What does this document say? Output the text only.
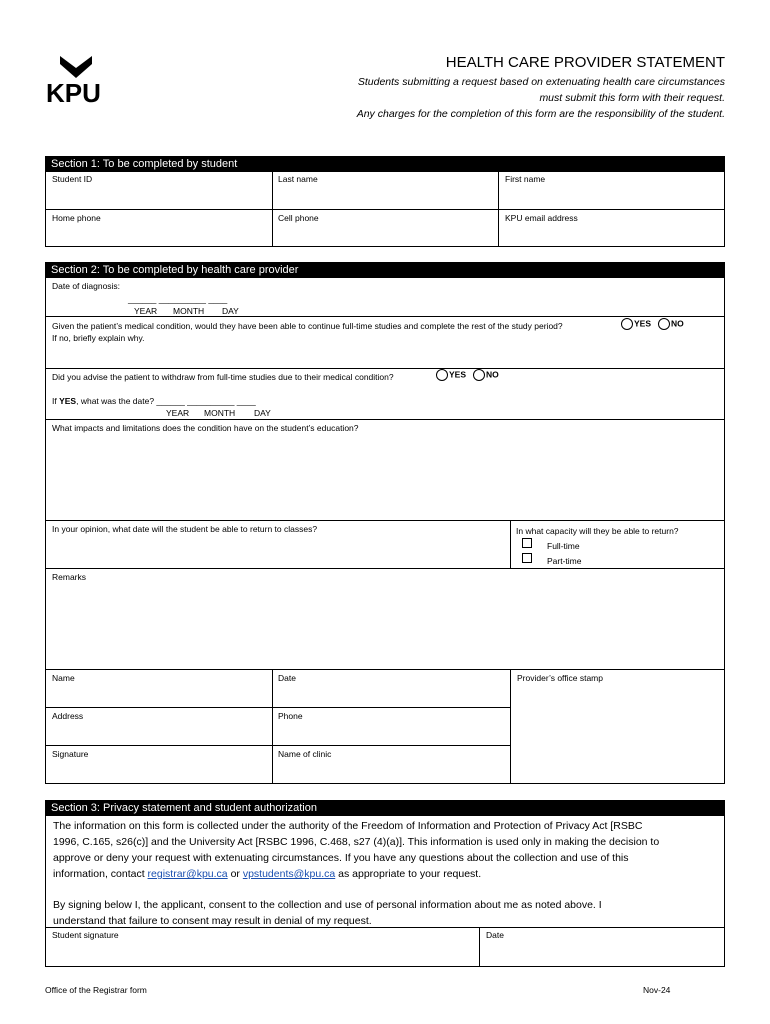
KPU
HEALTH CARE PROVIDER STATEMENT
Students submitting a request based on extenuating health care circumstances
must submit this form with their request.
Any charges for the completion of this form are the responsibility of the student.
Section 1: To be completed by student
Student ID	Last name	First name
Home phone	Cell phone	KPU email address
Section 2: To be completed by health care provider
Date of diagnosis:
______ __________ ____
YEAR MONTH DAY
Given the patient’s medical condition, would they have been able to continue full-time studies and complete the rest of the study period?	YES	NO
If no, briefly explain why.
Did you advise the patient to withdraw from full-time studies due to their medical condition?	YES	NO
If YES, what was the date? ______ __________ ____
YEAR MONTH DAY
What impacts and limitations does the condition have on the student’s education?
In your opinion, what date will the student be able to return to classes?	In what capacity will they be able to return?
Full-time
Part-time
Remarks
Name	Date	Provider’s office stamp
Address	Phone
Signature	Name of clinic
Section 3: Privacy statement and student authorization
The information on this form is collected under the authority of the Freedom of Information and Protection of Privacy Act [RSBC
1996, C.165, s26(c)] and the University Act [RSBC 1996, C.468, s27 (4)(a)]. This information is used only in making the decision to
approve or deny your request with extenuating circumstances. If you have any questions about the collection and use of this
information, contact registrar@kpu.ca or vpstudents@kpu.ca as appropriate to your request.
By signing below I, the applicant, consent to the collection and use of personal information about me as noted above. I
understand that failure to consent may result in denial of my request.
Student signature	Date
Office of the Registrar form	Nov-24
